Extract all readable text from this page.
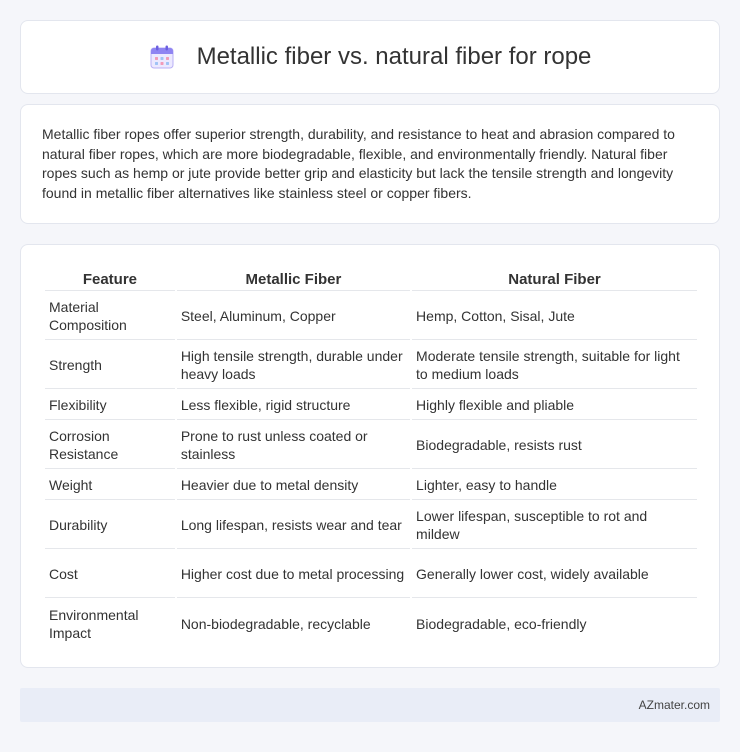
Metallic fiber vs. natural fiber for rope

Metallic fiber ropes offer superior strength, durability, and resistance to heat and abrasion compared to natural fiber ropes, which are more biodegradable, flexible, and environmentally friendly. Natural fiber ropes such as hemp or jute provide better grip and elasticity but lack the tensile strength and longevity found in metallic fiber alternatives like stainless steel or copper fibers.

Feature	Metallic Fiber	Natural Fiber
Material Composition	Steel, Aluminum, Copper	Hemp, Cotton, Sisal, Jute
Strength	High tensile strength, durable under heavy loads	Moderate tensile strength, suitable for light to medium loads
Flexibility	Less flexible, rigid structure	Highly flexible and pliable
Corrosion Resistance	Prone to rust unless coated or stainless	Biodegradable, resists rust
Weight	Heavier due to metal density	Lighter, easy to handle
Durability	Long lifespan, resists wear and tear	Lower lifespan, susceptible to rot and mildew
Cost	Higher cost due to metal processing	Generally lower cost, widely available
Environmental Impact	Non-biodegradable, recyclable	Biodegradable, eco-friendly
AZmater.com
